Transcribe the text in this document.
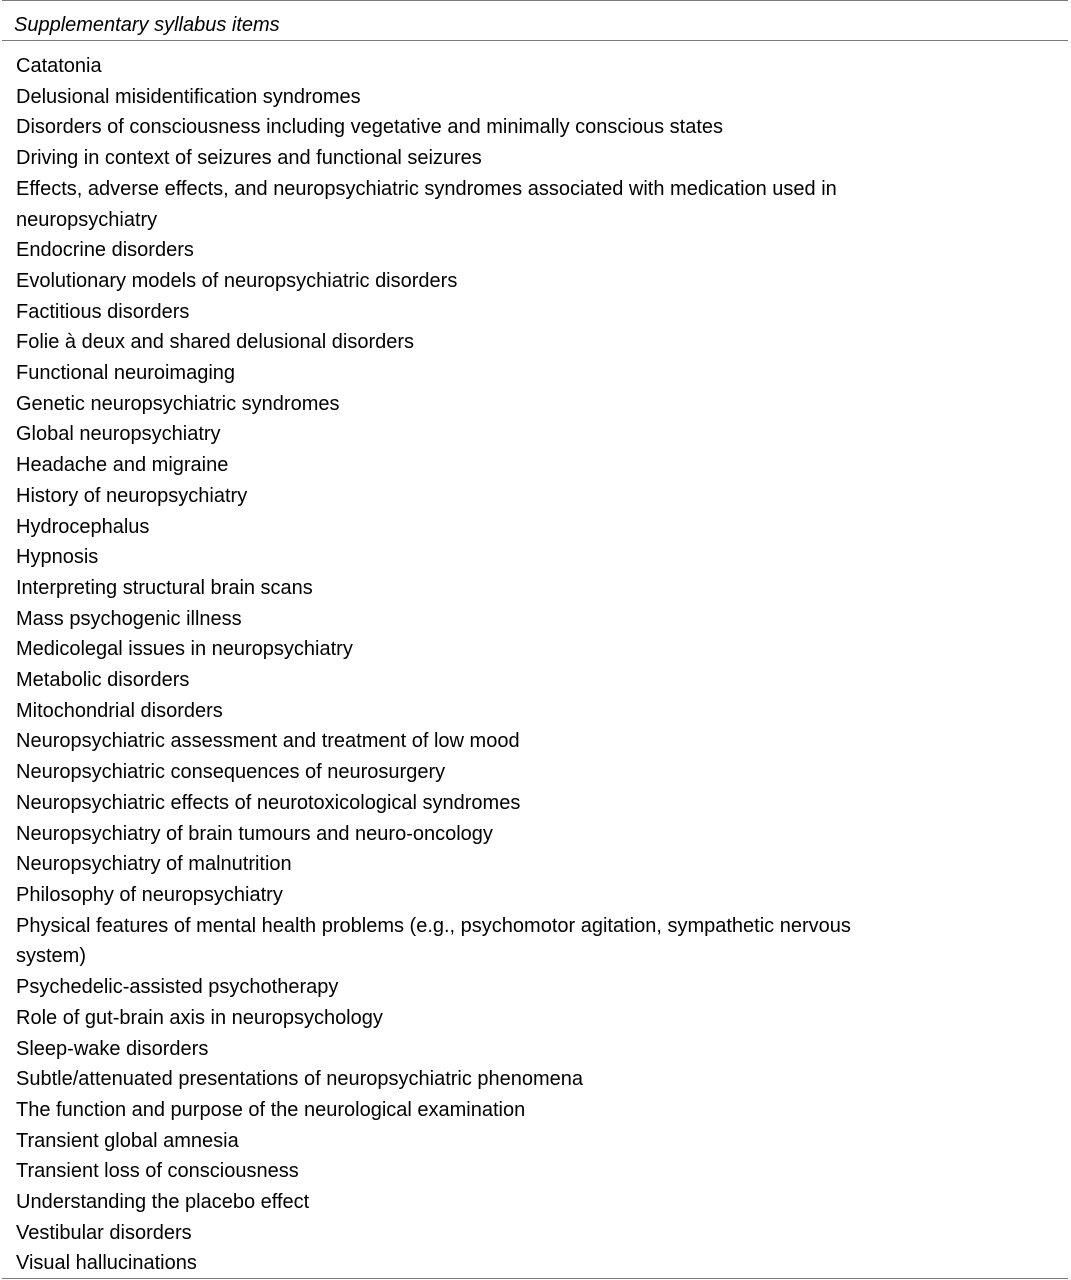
Supplementary syllabus items
Catatonia
Delusional misidentification syndromes
Disorders of consciousness including vegetative and minimally conscious states
Driving in context of seizures and functional seizures
Effects, adverse effects, and neuropsychiatric syndromes associated with medication used in
neuropsychiatry
Endocrine disorders
Evolutionary models of neuropsychiatric disorders
Factitious disorders
Folie à deux and shared delusional disorders
Functional neuroimaging
Genetic neuropsychiatric syndromes
Global neuropsychiatry
Headache and migraine
History of neuropsychiatry
Hydrocephalus
Hypnosis
Interpreting structural brain scans
Mass psychogenic illness
Medicolegal issues in neuropsychiatry
Metabolic disorders
Mitochondrial disorders
Neuropsychiatric assessment and treatment of low mood
Neuropsychiatric consequences of neurosurgery
Neuropsychiatric effects of neurotoxicological syndromes
Neuropsychiatry of brain tumours and neuro-oncology
Neuropsychiatry of malnutrition
Philosophy of neuropsychiatry
Physical features of mental health problems (e.g., psychomotor agitation, sympathetic nervous
system)
Psychedelic-assisted psychotherapy
Role of gut-brain axis in neuropsychology
Sleep-wake disorders
Subtle/attenuated presentations of neuropsychiatric phenomena
The function and purpose of the neurological examination
Transient global amnesia
Transient loss of consciousness
Understanding the placebo effect
Vestibular disorders
Visual hallucinations
